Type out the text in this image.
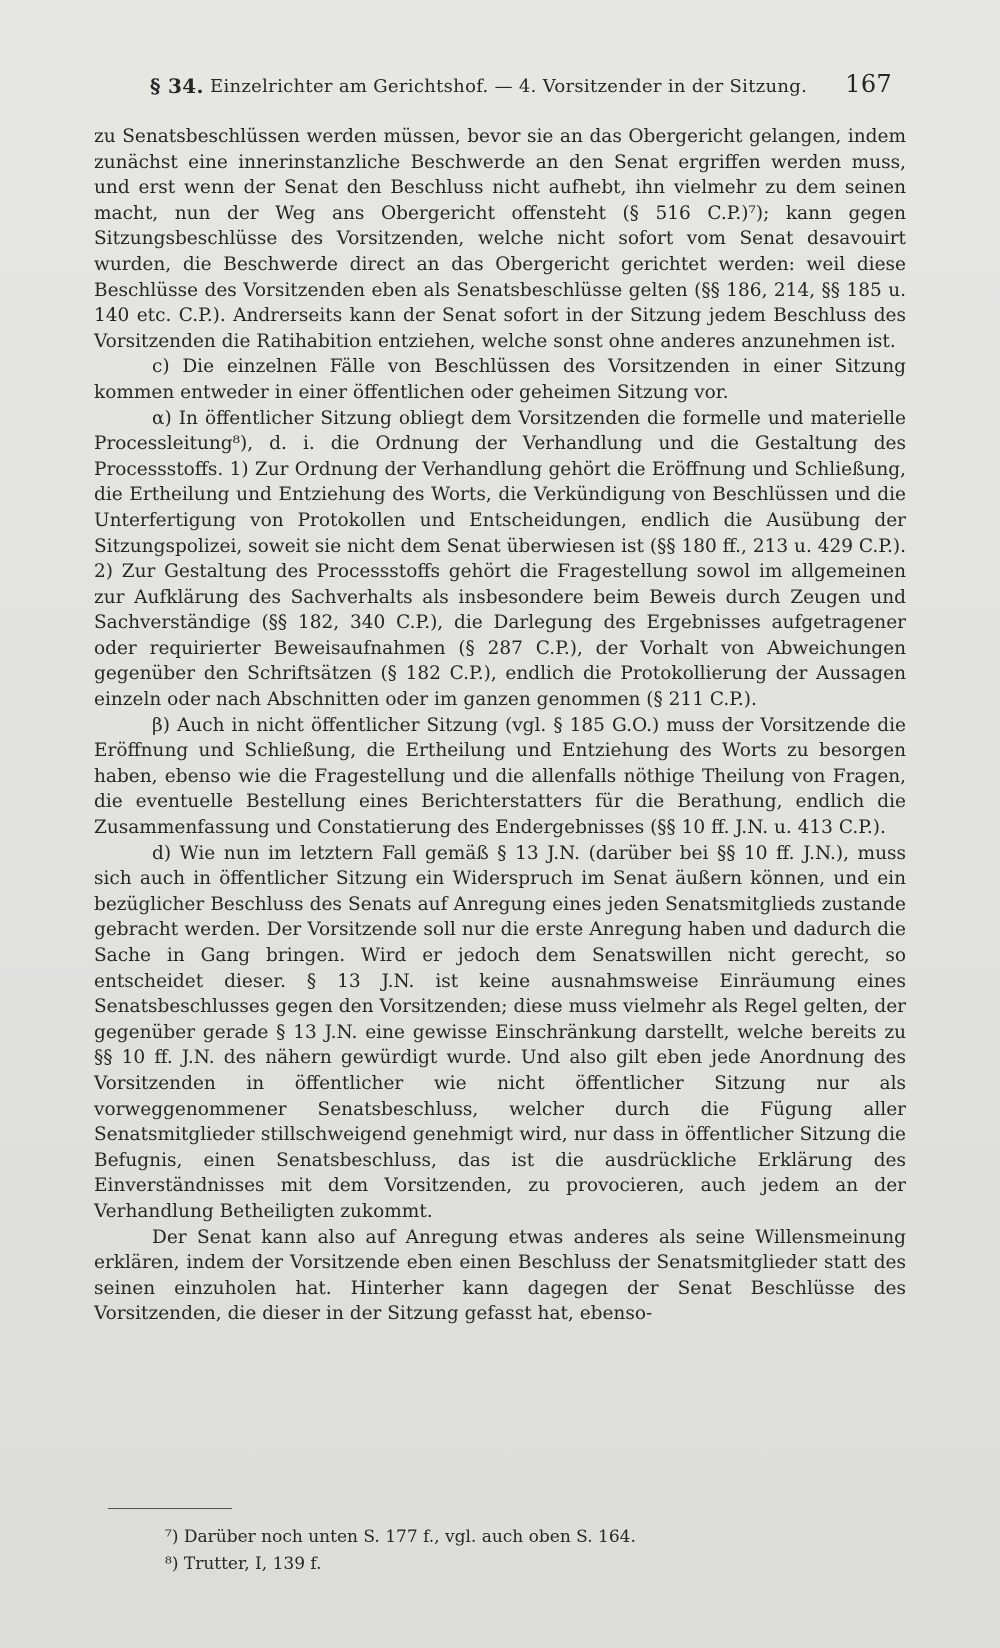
§ 34. Einzelrichter am Gerichtshof. — 4. Vorsitzender in der Sitzung. 167

zu Senatsbeschlüssen werden müssen, bevor sie an das Obergericht gelangen, indem zunächst eine innerinstanzliche Beschwerde an den Senat ergriffen werden muss, und erst wenn der Senat den Beschluss nicht aufhebt, ihn vielmehr zu dem seinen macht, nun der Weg ans Obergericht offensteht (§ 516 C.P.)⁷); kann gegen Sitzungsbeschlüsse des Vorsitzenden, welche nicht sofort vom Senat desavouirt wurden, die Beschwerde direct an das Obergericht gerichtet werden: weil diese Beschlüsse des Vorsitzenden eben als Senatsbeschlüsse gelten (§§ 186, 214, §§ 185 u. 140 etc. C.P.). Andrerseits kann der Senat sofort in der Sitzung jedem Beschluss des Vorsitzenden die Ratihabition entziehen, welche sonst ohne anderes anzunehmen ist.

c) Die einzelnen Fälle von Beschlüssen des Vorsitzenden in einer Sitzung kommen entweder in einer öffentlichen oder geheimen Sitzung vor.

α) In öffentlicher Sitzung obliegt dem Vorsitzenden die formelle und materielle Processleitung⁸), d. i. die Ordnung der Verhandlung und die Gestaltung des Processstoffs. 1) Zur Ordnung der Verhandlung gehört die Eröffnung und Schließung, die Ertheilung und Entziehung des Worts, die Verkündigung von Beschlüssen und die Unterfertigung von Protokollen und Entscheidungen, endlich die Ausübung der Sitzungspolizei, soweit sie nicht dem Senat überwiesen ist (§§ 180 ff., 213 u. 429 C.P.). 2) Zur Gestaltung des Processstoffs gehört die Fragestellung sowol im allgemeinen zur Aufklärung des Sachverhalts als insbesondere beim Beweis durch Zeugen und Sachverständige (§§ 182, 340 C.P.), die Darlegung des Ergebnisses aufgetragener oder requirierter Beweisaufnahmen (§ 287 C.P.), der Vorhalt von Abweichungen gegenüber den Schriftsätzen (§ 182 C.P.), endlich die Protokollierung der Aussagen einzeln oder nach Abschnitten oder im ganzen genommen (§ 211 C.P.).

β) Auch in nicht öffentlicher Sitzung (vgl. § 185 G.O.) muss der Vorsitzende die Eröffnung und Schließung, die Ertheilung und Entziehung des Worts zu besorgen haben, ebenso wie die Fragestellung und die allenfalls nöthige Theilung von Fragen, die eventuelle Bestellung eines Berichterstatters für die Berathung, endlich die Zusammenfassung und Constatierung des Endergebnisses (§§ 10 ff. J.N. u. 413 C.P.).

d) Wie nun im letztern Fall gemäß § 13 J.N. (darüber bei §§ 10 ff. J.N.), muss sich auch in öffentlicher Sitzung ein Widerspruch im Senat äußern können, und ein bezüglicher Beschluss des Senats auf Anregung eines jeden Senatsmitglieds zustande gebracht werden. Der Vorsitzende soll nur die erste Anregung haben und dadurch die Sache in Gang bringen. Wird er jedoch dem Senatswillen nicht gerecht, so entscheidet dieser. § 13 J.N. ist keine ausnahmsweise Einräumung eines Senatsbeschlusses gegen den Vorsitzenden; diese muss vielmehr als Regel gelten, der gegenüber gerade § 13 J.N. eine gewisse Einschränkung darstellt, welche bereits zu §§ 10 ff. J.N. des nähern gewürdigt wurde. Und also gilt eben jede Anordnung des Vorsitzenden in öffentlicher wie nicht öffentlicher Sitzung nur als vorweggenommener Senatsbeschluss, welcher durch die Fügung aller Senatsmitglieder stillschweigend genehmigt wird, nur dass in öffentlicher Sitzung die Befugnis, einen Senatsbeschluss, das ist die ausdrückliche Erklärung des Einverständnisses mit dem Vorsitzenden, zu provocieren, auch jedem an der Verhandlung Betheiligten zukommt.

Der Senat kann also auf Anregung etwas anderes als seine Willensmeinung erklären, indem der Vorsitzende eben einen Beschluss der Senatsmitglieder statt des seinen einzuholen hat. Hinterher kann dagegen der Senat Beschlüsse des Vorsitzenden, die dieser in der Sitzung gefasst hat, ebenso-

⁷) Darüber noch unten S. 177 f., vgl. auch oben S. 164.

⁸) Trutter, I, 139 f.
